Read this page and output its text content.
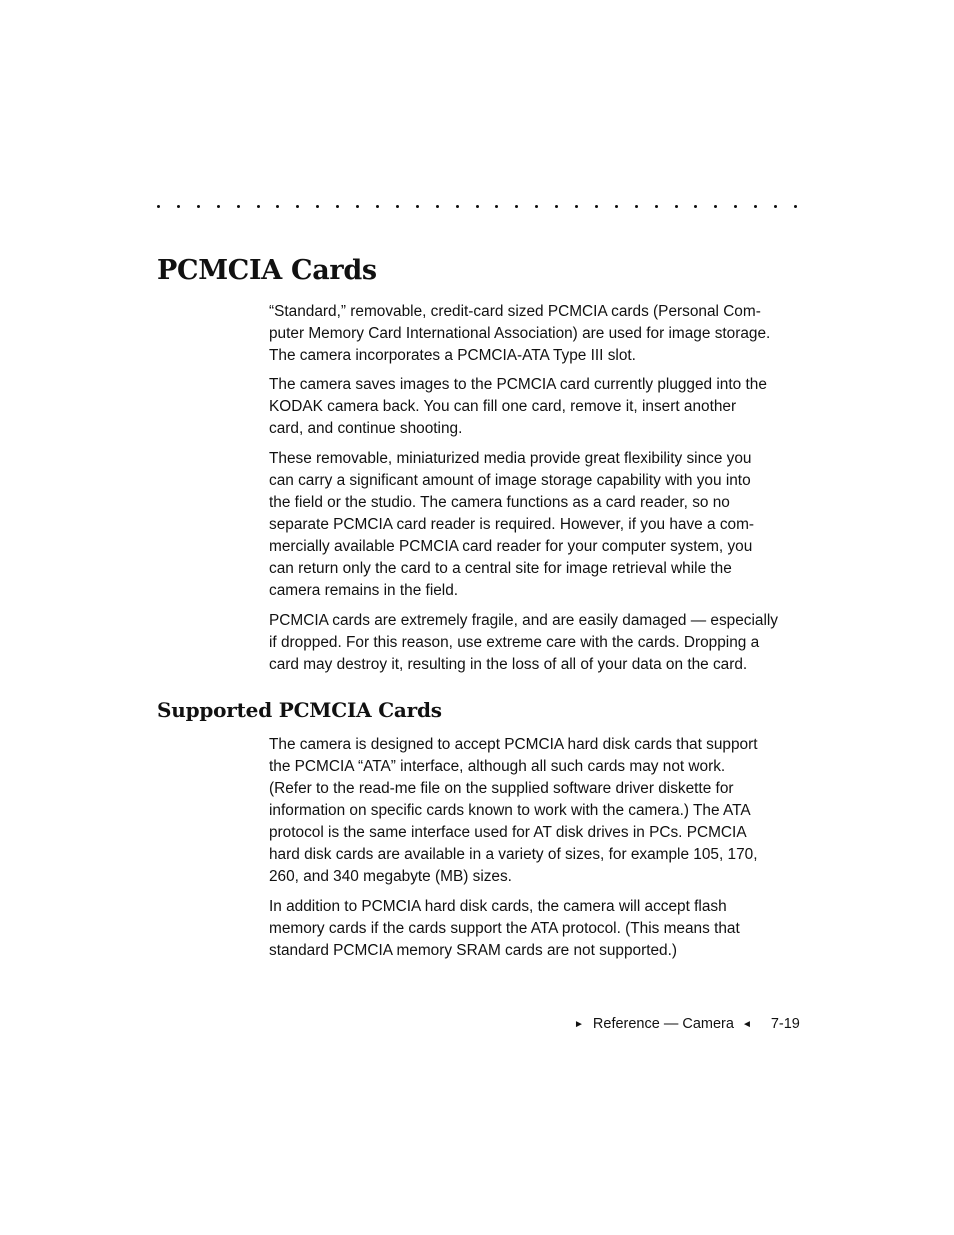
PCMCIA Cards

“Standard,” removable, credit-card sized PCMCIA cards (Personal Com-
puter Memory Card International Association) are used for image storage.
The camera incorporates a PCMCIA-ATA Type III slot.

The camera saves images to the PCMCIA card currently plugged into the
KODAK camera back. You can fill one card, remove it, insert another
card, and continue shooting.

These removable, miniaturized media provide great flexibility since you
can carry a significant amount of image storage capability with you into
the field or the studio. The camera functions as a card reader, so no
separate PCMCIA card reader is required. However, if you have a com-
mercially available PCMCIA card reader for your computer system, you
can return only the card to a central site for image retrieval while the
camera remains in the field.

PCMCIA cards are extremely fragile, and are easily damaged — especially
if dropped. For this reason, use extreme care with the cards. Dropping a
card may destroy it, resulting in the loss of all of your data on the card.

Supported PCMCIA Cards

The camera is designed to accept PCMCIA hard disk cards that support
the PCMCIA “ATA” interface, although all such cards may not work.
(Refer to the read-me file on the supplied software driver diskette for
information on specific cards known to work with the camera.) The ATA
protocol is the same interface used for AT disk drives in PCs. PCMCIA
hard disk cards are available in a variety of sizes, for example 105, 170,
260, and 340 megabyte (MB) sizes.

In addition to PCMCIA hard disk cards, the camera will accept flash
memory cards if the cards support the ATA protocol. (This means that
standard PCMCIA memory SRAM cards are not supported.)

► Reference — Camera ◄ 7-19
